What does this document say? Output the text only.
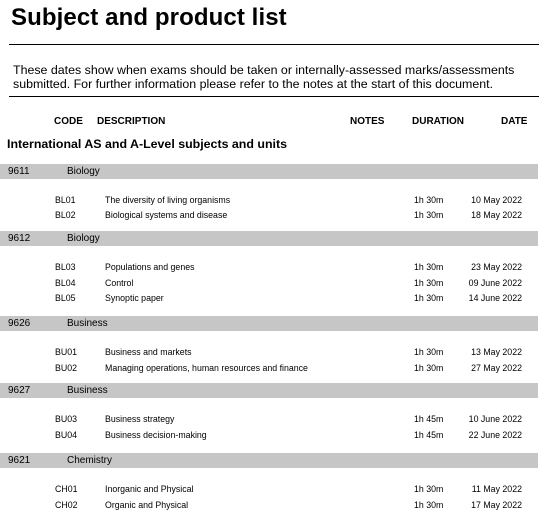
Subject and product list
These dates show when exams should be taken or internally-assessed marks/assessments
submitted. For further information please refer to the notes at the start of this document.
CODE DESCRIPTION	NOTES	DURATION	DATE
International AS and A-Level subjects and units
9611	Biology
BL01	The diversity of living organisms	1h 30m	10 May 2022
BL02	Biological systems and disease	1h 30m	18 May 2022
9612	Biology
BL03	Populations and genes	1h 30m	23 May 2022
BL04	Control	1h 30m	09 June 2022
BL05	Synoptic paper	1h 30m	14 June 2022
9626	Business
BU01	Business and markets	1h 30m	13 May 2022
BU02	Managing operations, human resources and finance	1h 30m	27 May 2022
9627	Business
BU03	Business strategy	1h 45m	10 June 2022
BU04	Business decision-making	1h 45m	22 June 2022
9621	Chemistry
CH01	Inorganic and Physical	1h 30m	11 May 2022
CH02	Organic and Physical	1h 30m	17 May 2022
